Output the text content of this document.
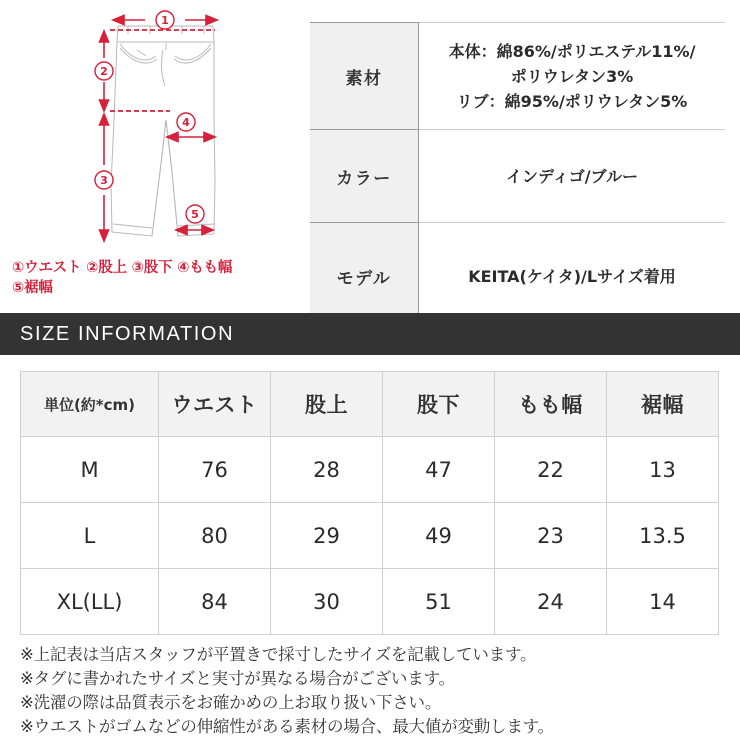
1
2
3
4
5
①ウエスト ②股上 ③股下 ④もも幅
⑤裾幅
素材	本体：綿86%/ポリエステル11%/
ポリウレタン3%
リブ：綿95%/ポリウレタン5%

カラー	インディゴ/ブルー
モデル	KEITA(ケイタ)/Lサイズ着用
SIZE INFORMATION
単位(約*cm)	ウエスト	股上	股下	もも幅	裾幅
M	76	28	47	22	13
L	80	29	49	23	13.5
XL(LL)	84	30	51	24	14
※上記表は当店スタッフが平置きで採寸したサイズを記載しています。
※タグに書かれたサイズと実寸が異なる場合がございます。
※洗濯の際は品質表示をお確かめの上お取り扱い下さい。
※ウエストがゴムなどの伸縮性がある素材の場合、最大値が変動します。
